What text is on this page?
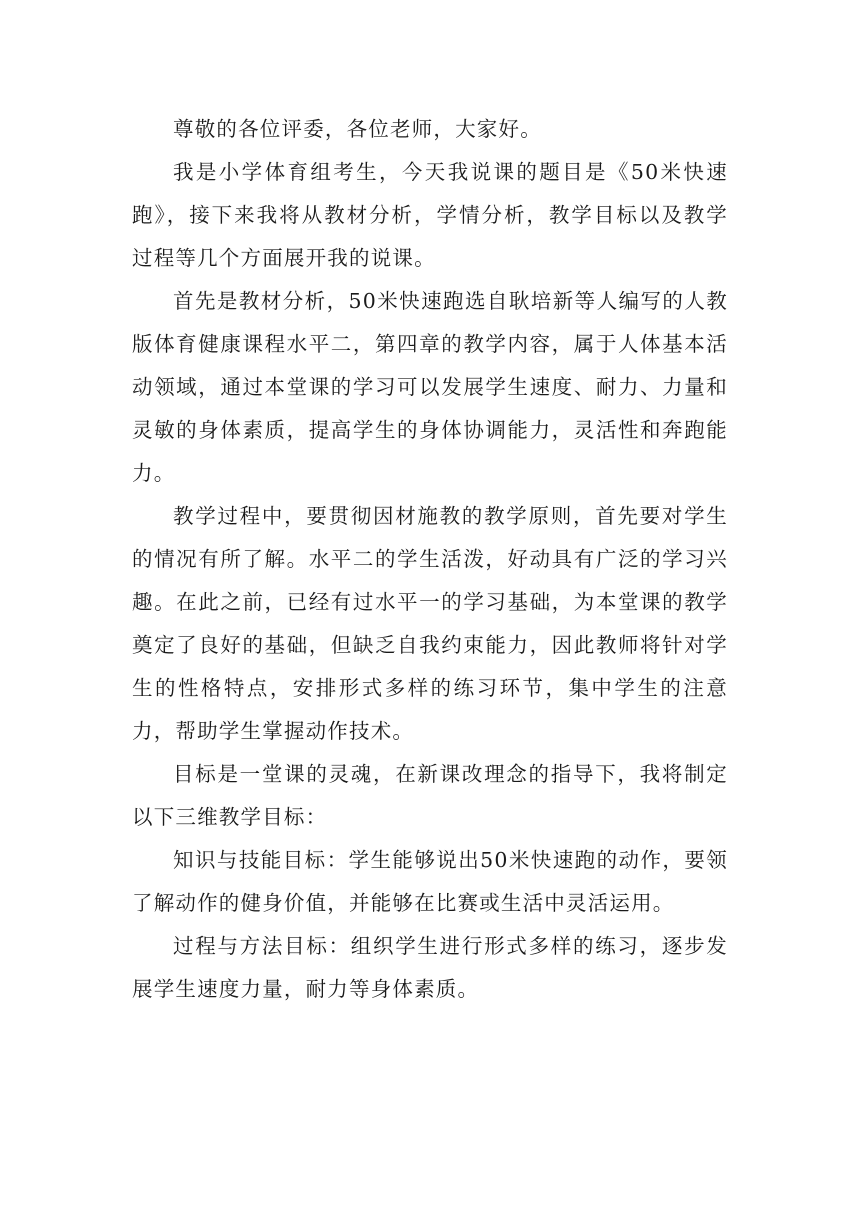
尊敬的各位评委，各位老师，大家好。

我是小学体育组考生，今天我说课的题目是《50米快速跑》，接下来我将从教材分析，学情分析，教学目标以及教学过程等几个方面展开我的说课。

首先是教材分析，50米快速跑选自耿培新等人编写的人教版体育健康课程水平二，第四章的教学内容，属于人体基本活动领域，通过本堂课的学习可以发展学生速度、耐力、力量和灵敏的身体素质，提高学生的身体协调能力，灵活性和奔跑能力。

教学过程中，要贯彻因材施教的教学原则，首先要对学生的情况有所了解。水平二的学生活泼，好动具有广泛的学习兴趣。在此之前，已经有过水平一的学习基础，为本堂课的教学奠定了良好的基础，但缺乏自我约束能力，因此教师将针对学生的性格特点，安排形式多样的练习环节，集中学生的注意力，帮助学生掌握动作技术。

目标是一堂课的灵魂，在新课改理念的指导下，我将制定以下三维教学目标：

知识与技能目标：学生能够说出50米快速跑的动作，要领了解动作的健身价值，并能够在比赛或生活中灵活运用。

过程与方法目标：组织学生进行形式多样的练习，逐步发展学生速度力量，耐力等身体素质。
